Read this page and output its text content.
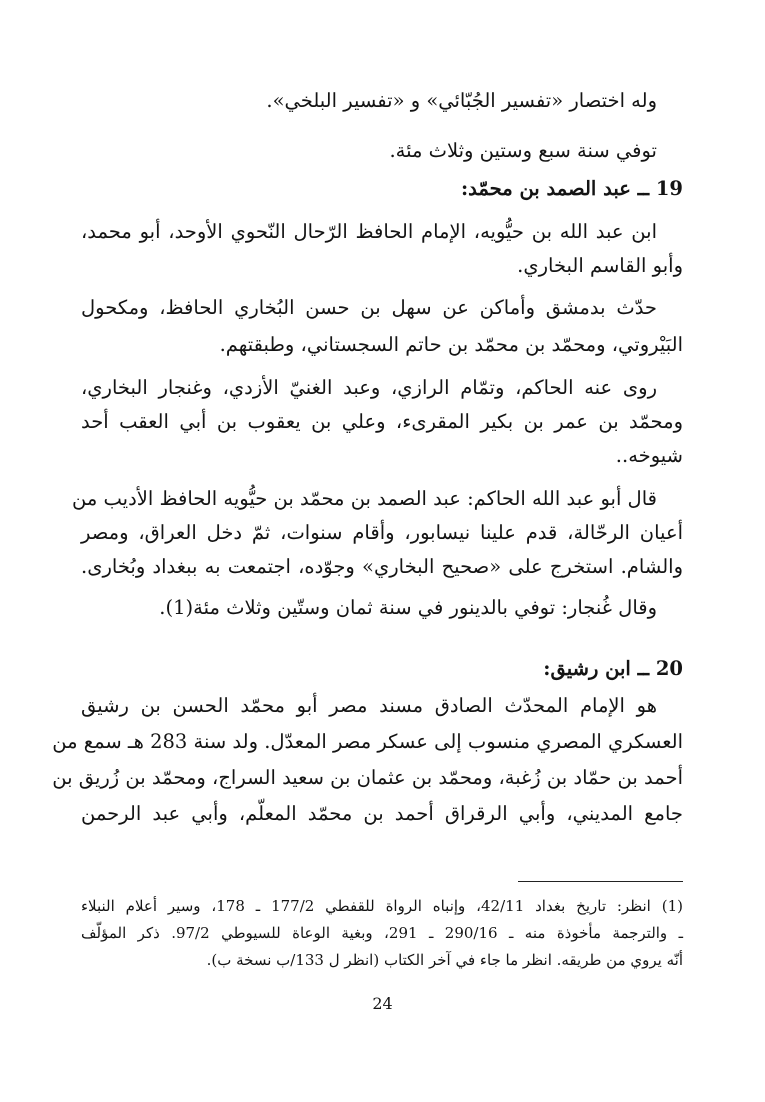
وله اختصار «تفسير الجُبّائي» و «تفسير البلخي».
توفي سنة سبع وستين وثلاث مئة.
19 ــ عبد الصمد بن محمّد:
ابن عبد الله بن حيُّويه، الإمام الحافظ الرّحال النّحوي الأوحد، أبو محمد،
وأبو القاسم البخاري.
حدّث بدمشق وأماكن عن سهل بن حسن البُخاري الحافظ، ومكحول
البَيْروتي، ومحمّد بن محمّد بن حاتم السجستاني، وطبقتهم.
روى عنه الحاكم، وتمّام الرازي، وعبد الغنيّ الأزدي، وغنجار البخاري،
ومحمّد بن عمر بن بكير المقرىء، وعلي بن يعقوب بن أبي العقب أحد
شيوخه..
قال أبو عبد الله الحاكم: عبد الصمد بن محمّد بن حيُّويه الحافظ الأديب من
أعيان الرحّالة، قدم علينا نيسابور، وأقام سنوات، ثمّ دخل العراق، ومصر
والشام. استخرج على «صحيح البخاري» وجوّده، اجتمعت به ببغداد وبُخارى.
وقال غُنجار: توفي بالدينور في سنة ثمان وستّين وثلاث مئة(1).
20 ــ ابن رشيق:
هو الإمام المحدّث الصادق مسند مصر أبو محمّد الحسن بن رشيق
العسكري المصري منسوب إلى عسكر مصر المعدّل. ولد سنة 283 هـ سمع من
أحمد بن حمّاد بن زُغبة، ومحمّد بن عثمان بن سعيد السراج، ومحمّد بن زُريق بن
جامع المديني، وأبي الرقراق أحمد بن محمّد المعلّم، وأبي عبد الرحمن
(1) انظر: تاريخ بغداد 42/11، وإنباه الرواة للقفطي 177/2 ـ 178، وسير أعلام النبلاء
ـ والترجمة مأخوذة منه ـ 290/16 ـ 291، وبغية الوعاة للسيوطي 97/2. ذكر المؤلّف
أنّه يروي من طريقه. انظر ما جاء في آخر الكتاب (انظر ل 133/ب نسخة ب).
24
